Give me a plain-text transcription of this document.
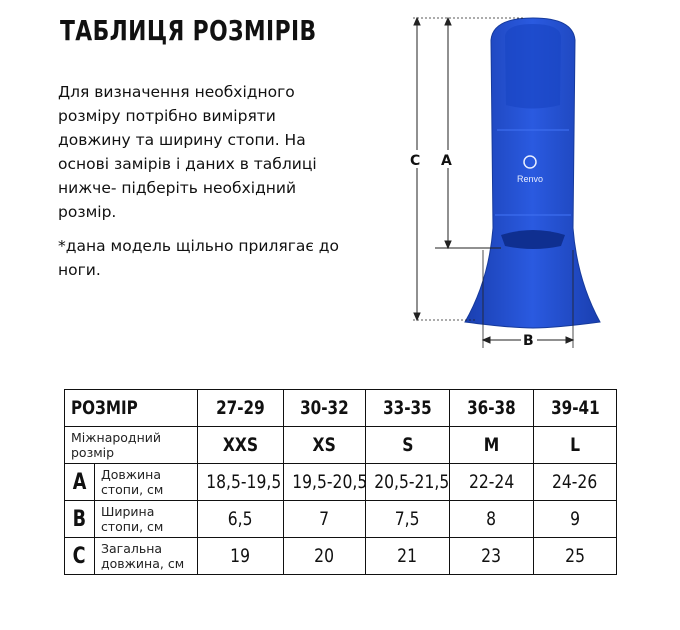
ТАБЛИЦЯ РОЗМІРІВ
Для визначення необхідного
розміру потрібно виміряти
довжину та ширину стопи. На
основі замірів і даних в таблиці
нижче- підберіть необхідний
розмір.
*дана модель щільно прилягає до ноги.
Renvo
C A
B
РОЗМІР		27-29	30-32	33-35	36-38	39-41

Міжнародний розмір		XXS	XS	S	M	L
A	Довжина стопи, см	18,5-19,5	19,5-20,5	20,5-21,5	22-24	24-26
B	Ширина стопи, см	6,5	7	7,5	8	9
C	Загальна довжина, см	19	20	21	23	25
